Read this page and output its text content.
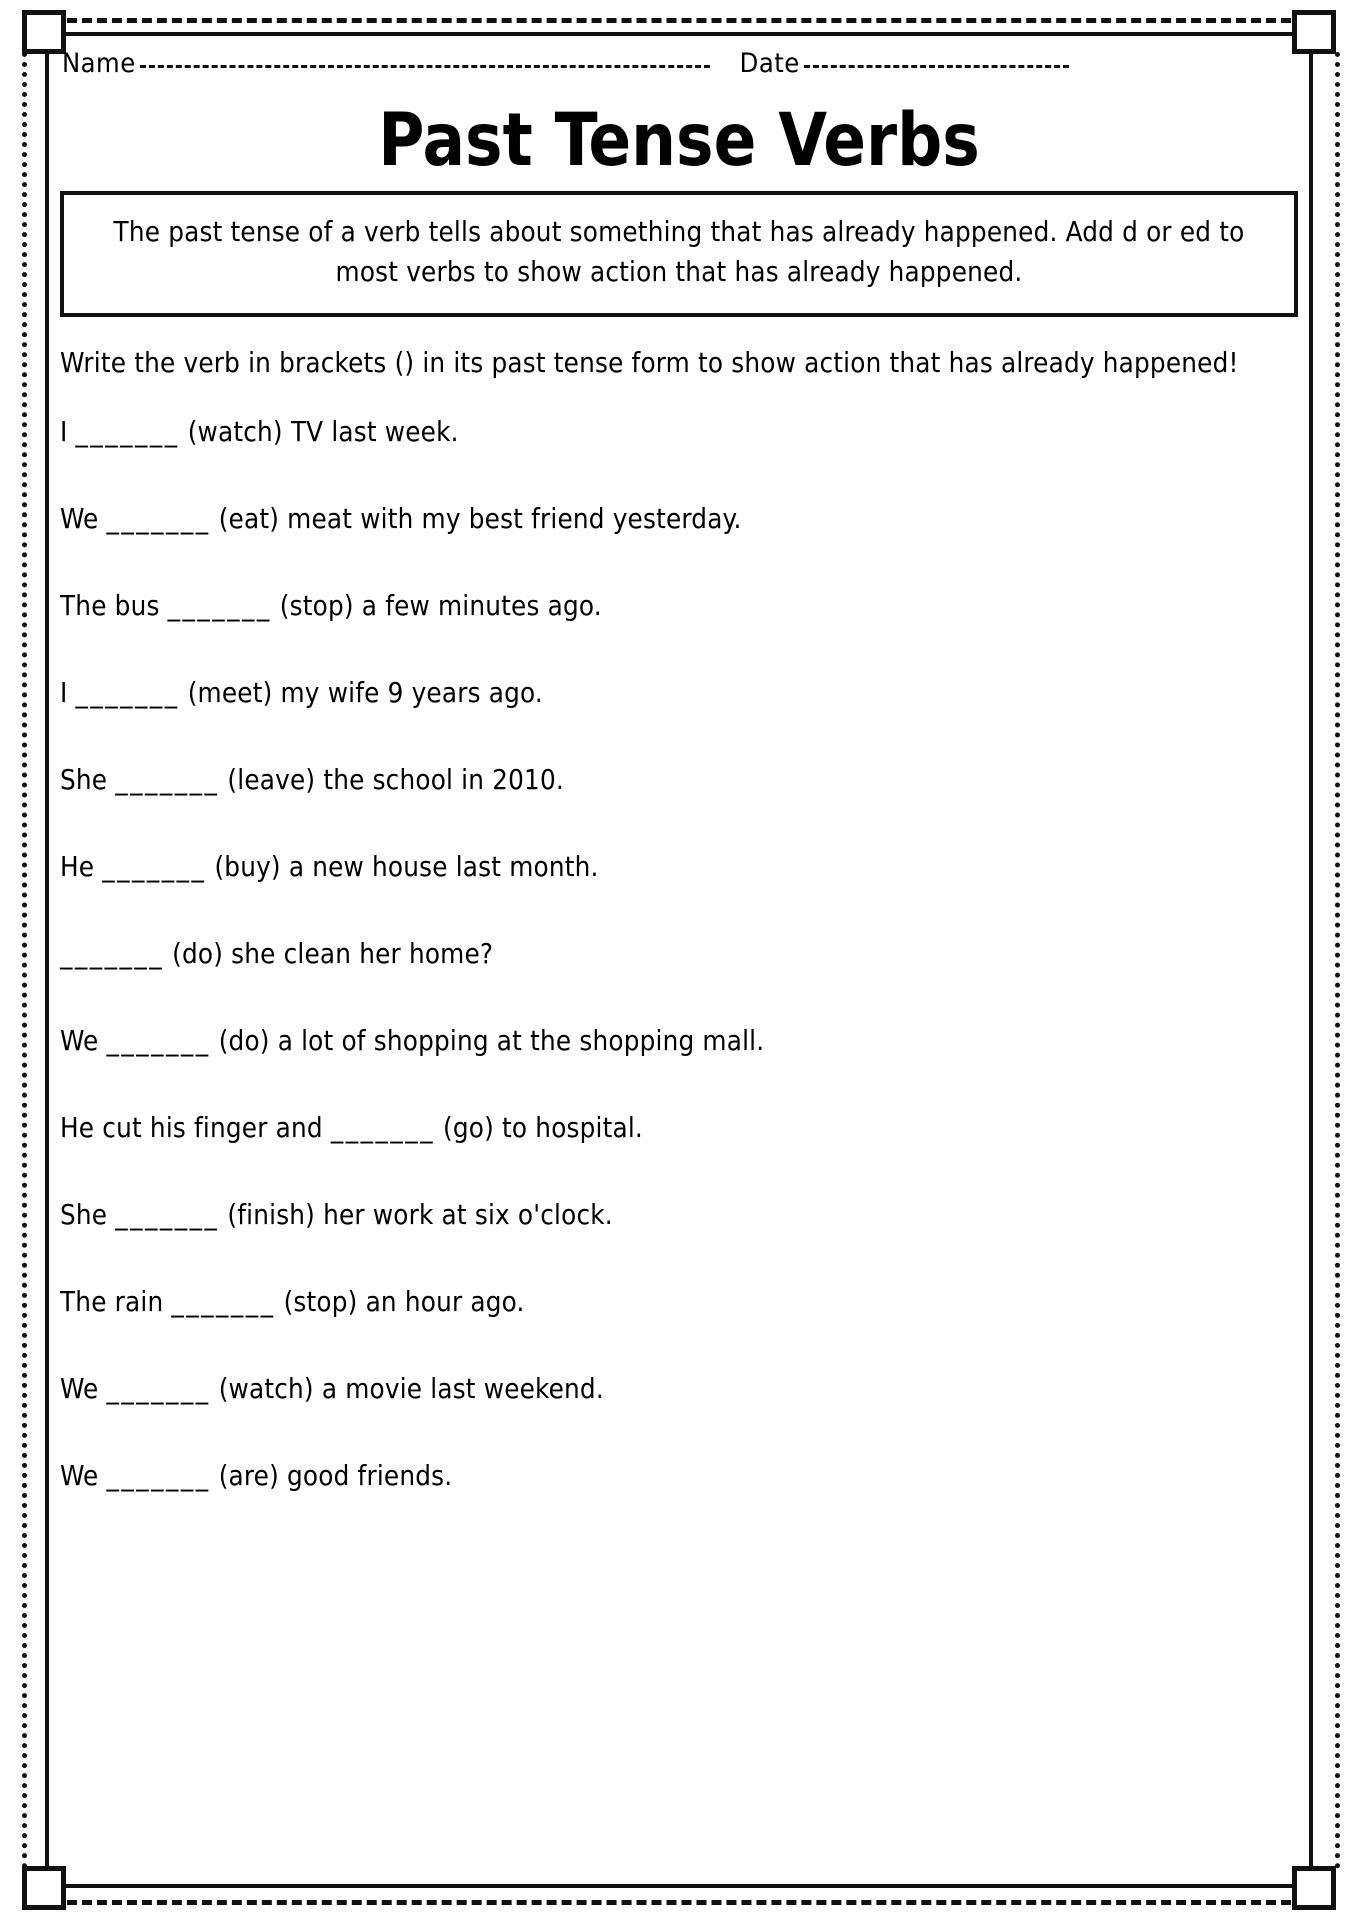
Name	Date
Past Tense Verbs
The past tense of a verb tells about something that has already happened. Add d or ed to
most verbs to show action that has already happened.
Write the verb in brackets () in its past tense form to show action that has already happened!
I _______ (watch) TV last week.
We _______ (eat) meat with my best friend yesterday.
The bus _______ (stop) a few minutes ago.
I _______ (meet) my wife 9 years ago.
She _______ (leave) the school in 2010.
He _______ (buy) a new house last month.
_______ (do) she clean her home?
We _______ (do) a lot of shopping at the shopping mall.
He cut his finger and _______ (go) to hospital.
She _______ (finish) her work at six o'clock.
The rain _______ (stop) an hour ago.
We _______ (watch) a movie last weekend.
We _______ (are) good friends.
